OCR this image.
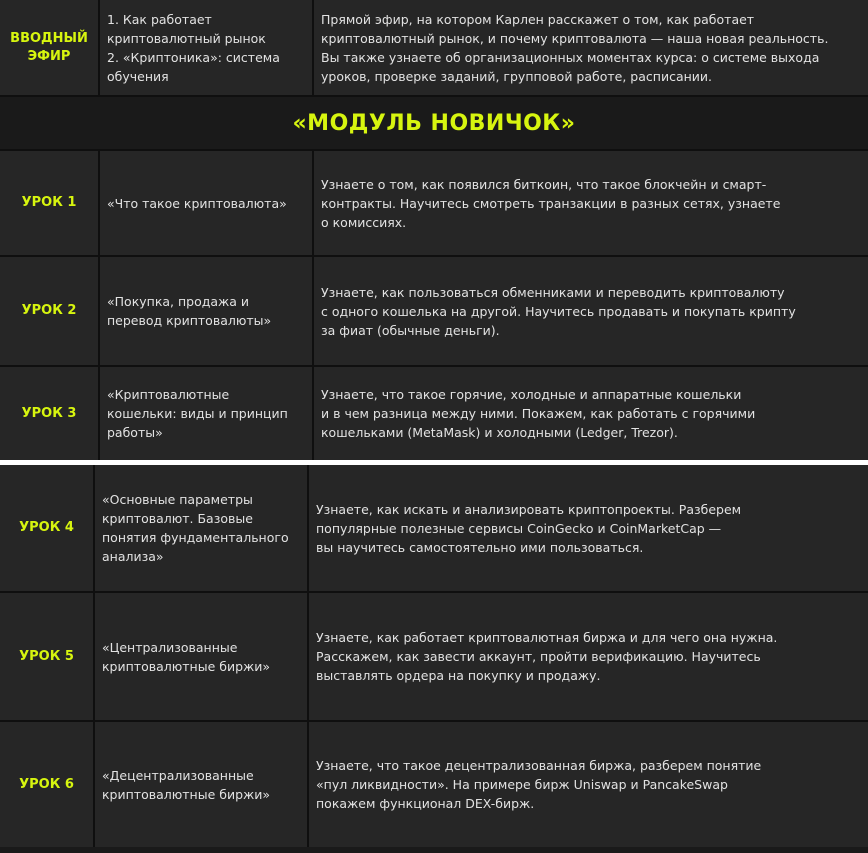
ВВОДНЫЙ ЭФИР
1. Как работает
криптовалютный рынок
2. «Криптоника»: система
обучения
Прямой эфир, на котором Карлен расскажет о том, как работает
криптовалютный рынок, и почему криптовалюта — наша новая реальность.
Вы также узнаете об организационных моментах курса: о системе выхода
уроков, проверке заданий, групповой работе, расписании.
«МОДУЛЬ НОВИЧОК»
УРОК 1	«Что такое криптовалюта»
Узнаете о том, как появился биткоин, что такое блокчейн и смарт-
контракты. Научитесь смотреть транзакции в разных сетях, узнаете
о комиссиях.
УРОК 2
«Покупка, продажа и
перевод криптовалюты»
Узнаете, как пользоваться обменниками и переводить криптовалюту
с одного кошелька на другой. Научитесь продавать и покупать крипту
за фиат (обычные деньги).
УРОК 3
«Криптовалютные
кошельки: виды и принцип
работы»
Узнаете, что такое горячие, холодные и аппаратные кошельки
и в чем разница между ними. Покажем, как работать с горячими
кошельками (MetaMask) и холодными (Ledger, Trezor).
УРОК 4
«Основные параметры
криптовалют. Базовые
понятия фундаментального
анализа»
Узнаете, как искать и анализировать криптопроекты. Разберем
популярные полезные сервисы CoinGecko и CoinMarketCap —
вы научитесь самостоятельно ими пользоваться.
УРОК 5
«Централизованные
криптовалютные биржи»
Узнаете, как работает криптовалютная биржа и для чего она нужна.
Расскажем, как завести аккаунт, пройти верификацию. Научитесь
выставлять ордера на покупку и продажу.
УРОК 6
«Децентрализованные
криптовалютные биржи»
Узнаете, что такое децентрализованная биржа, разберем понятие
«пул ликвидности». На примере бирж Uniswap и PancakeSwap
покажем функционал DEX-бирж.
